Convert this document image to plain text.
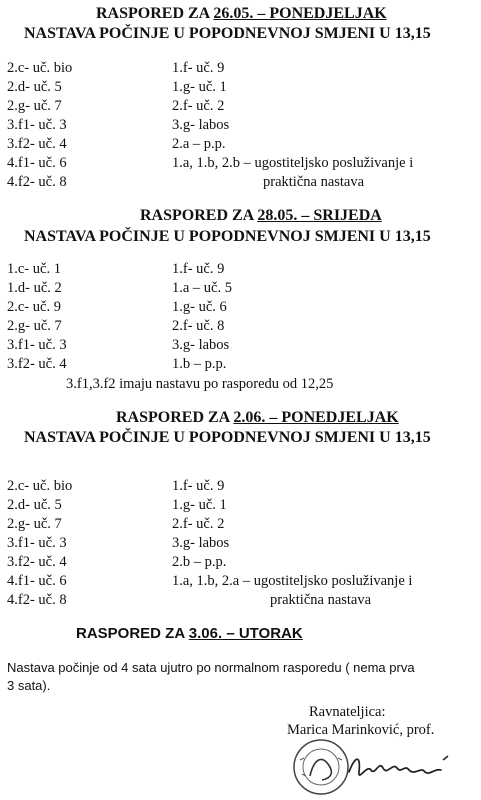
RASPORED ZA 26.05. – PONEDJELJAK
NASTAVA POČINJE U POPODNEVNOJ SMJENI U 13,15
2.c- uč. bio
2.d- uč. 5
2.g- uč. 7
3.f1- uč. 3
3.f2- uč. 4
4.f1- uč. 6
4.f2- uč. 8
1.f- uč. 9
1.g- uč. 1
2.f- uč. 2
3.g- labos
2.a – p.p.
1.a, 1.b, 2.b – ugostiteljsko posluživanje i
praktična nastava
RASPORED ZA 28.05. – SRIJEDA
NASTAVA POČINJE U POPODNEVNOJ SMJENI U 13,15
1.c- uč. 1
1.d- uč. 2
2.c- uč. 9
2.g- uč. 7
3.f1- uč. 3
3.f2- uč. 4
1.f- uč. 9
1.a – uč. 5
1.g- uč. 6
2.f- uč. 8
3.g- labos
1.b – p.p.
3.f1,3.f2 imaju nastavu po rasporedu od 12,25
RASPORED ZA 2.06. – PONEDJELJAK
NASTAVA POČINJE U POPODNEVNOJ SMJENI U 13,15
2.c- uč. bio
2.d- uč. 5
2.g- uč. 7
3.f1- uč. 3
3.f2- uč. 4
4.f1- uč. 6
4.f2- uč. 8
1.f- uč. 9
1.g- uč. 1
2.f- uč. 2
3.g- labos
2.b – p.p.
1.a, 1.b, 2.a – ugostiteljsko posluživanje i
praktična nastava
RASPORED ZA 3.06. – UTORAK
Nastava počinje od 4 sata ujutro po normalnom rasporedu ( nema prva
3 sata).
Ravnateljica:
Marica Marinković, prof.
